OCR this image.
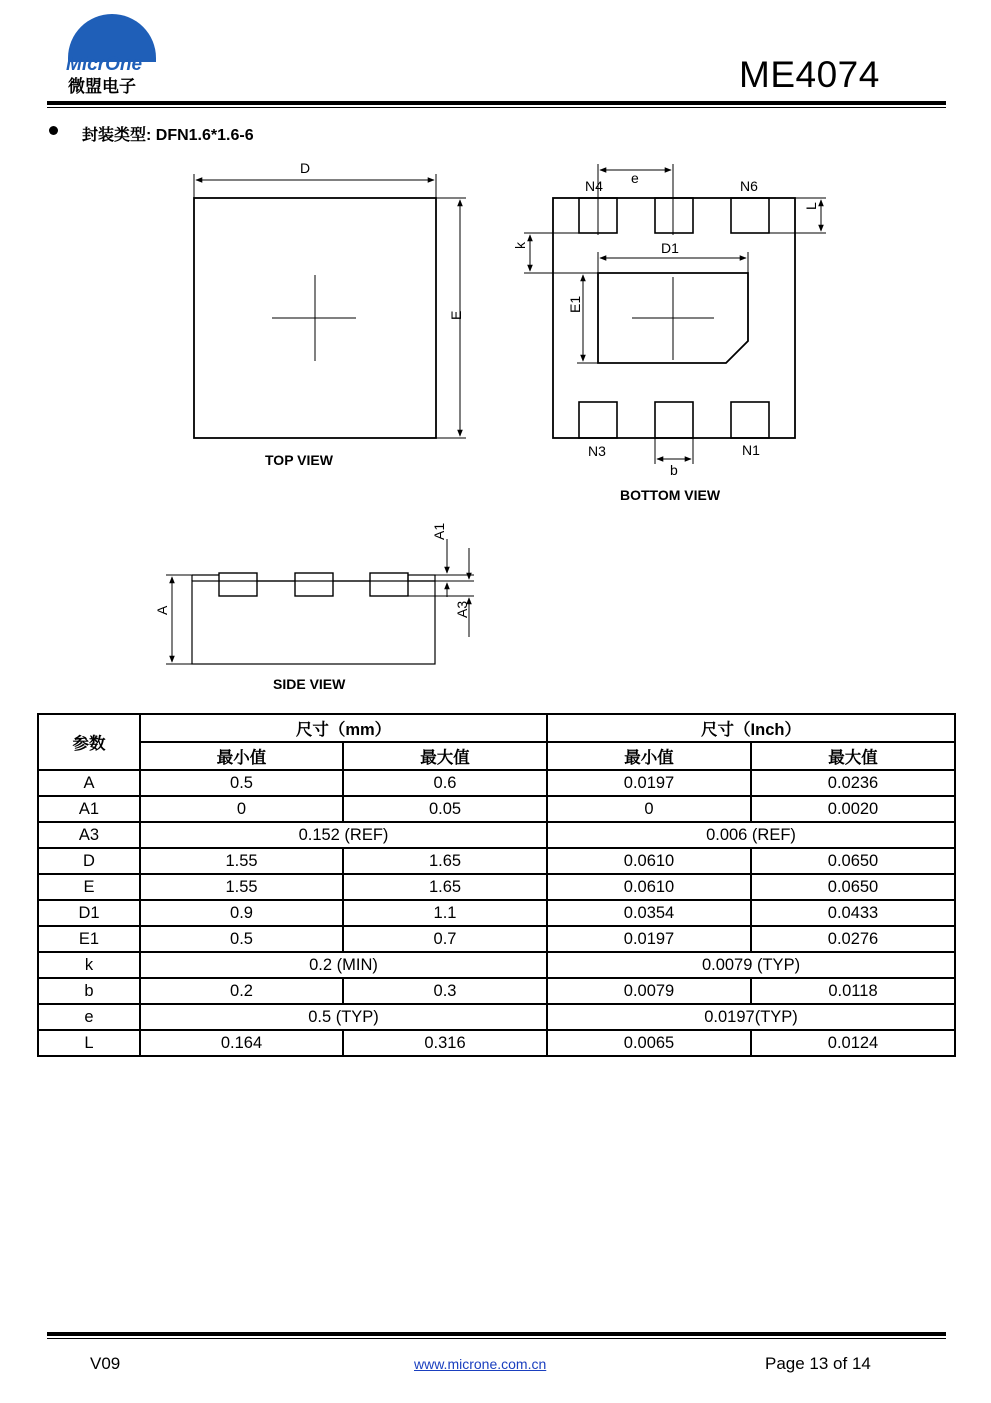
MicrOne
微盟电子	ME4074
封装类型: DFN1.6*1.6-6
D
E
e
N4	N6
L
k	D1
E1
N3	N1
b
A
A1
A3
TOP VIEW
BOTTOM VIEW
SIDE VIEW
参数	尺寸（mm）		尺寸（Inch）	
	最小值	最大值	最小值	最大值
A	0.5	0.6	0.0197	0.0236
A1	0	0.05	0	0.0020
A3	0.152 (REF)		0.006 (REF)	
D	1.55	1.65	0.0610	0.0650
E	1.55	1.65	0.0610	0.0650
D1	0.9	1.1	0.0354	0.0433
E1	0.5	0.7	0.0197	0.0276
k	0.2 (MIN)		0.0079 (TYP)	
b	0.2	0.3	0.0079	0.0118
e	0.5 (TYP)		0.0197(TYP)	
L	0.164	0.316	0.0065	0.0124
V09	www.microne.com.cn	Page 13 of 14
